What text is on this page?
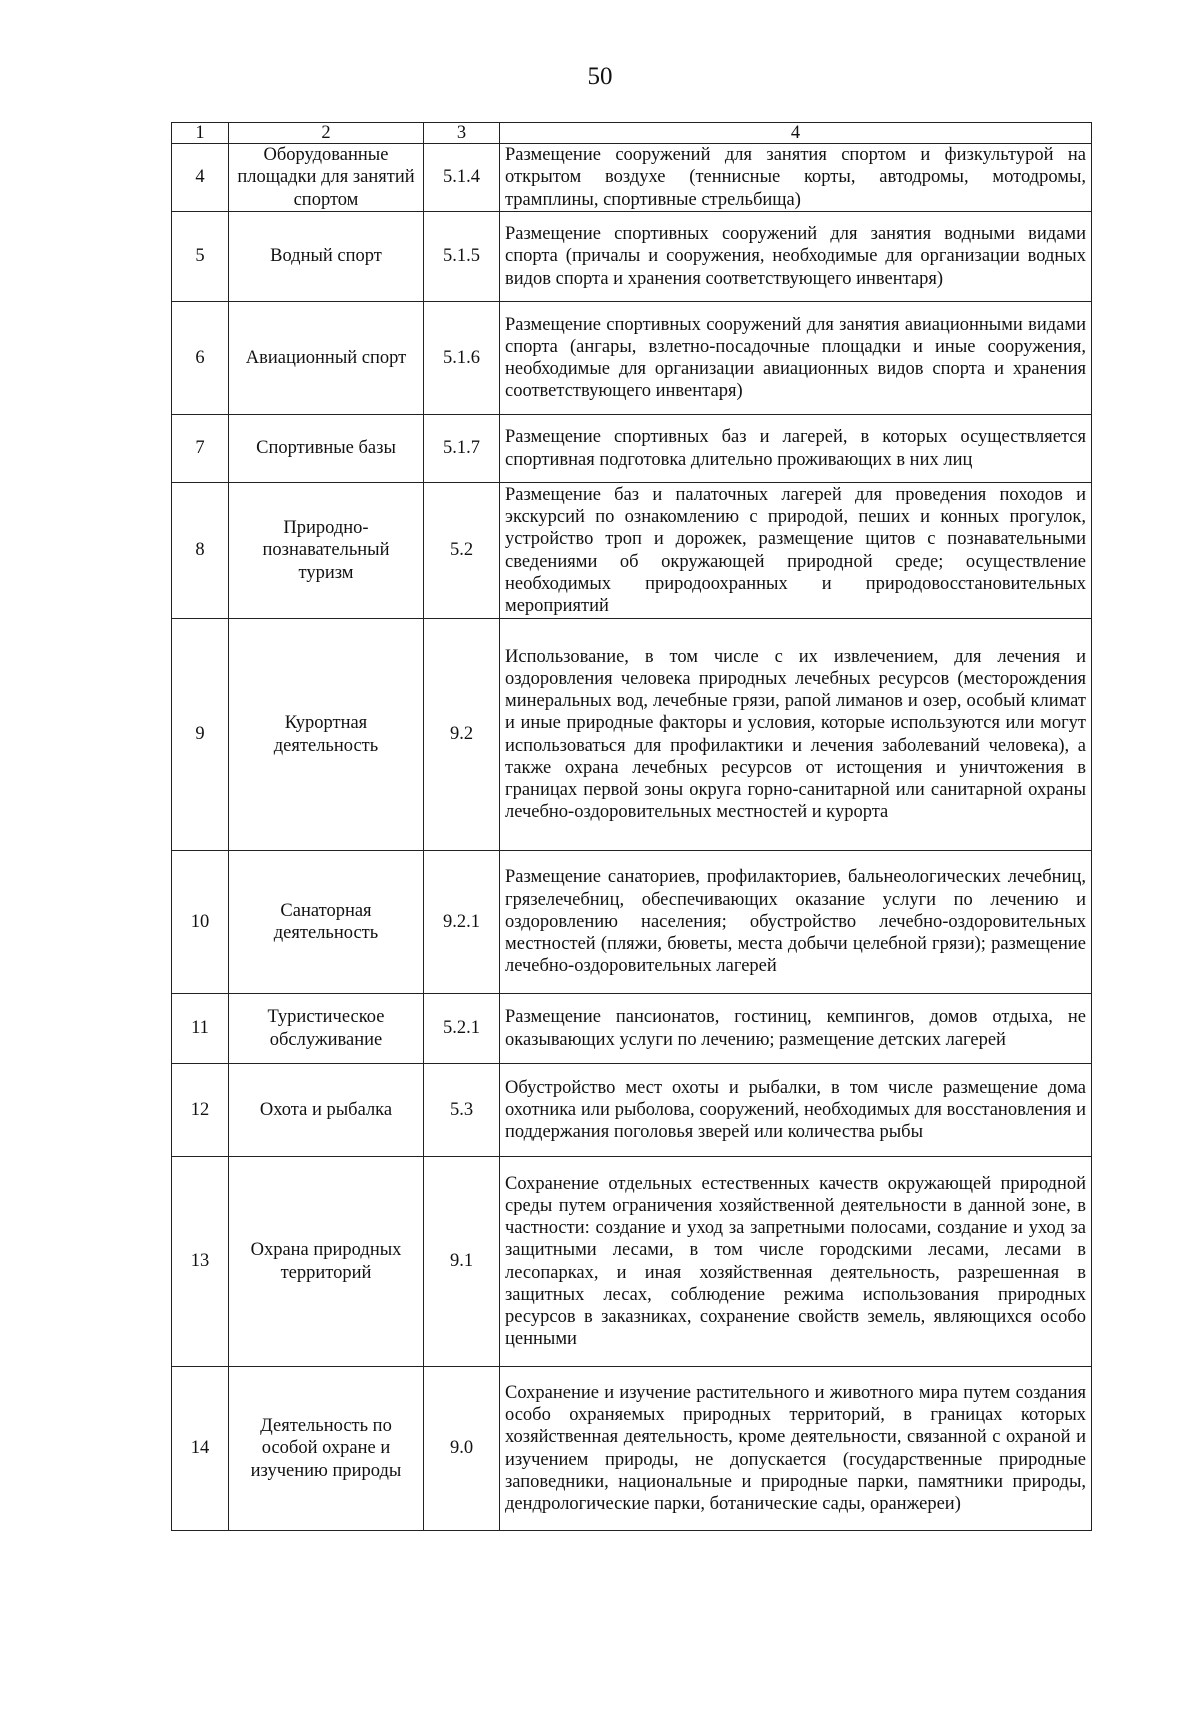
50
1	2	3	4
4	Оборудованные площадки для занятий спортом	5.1.4	Размещение сооружений для занятия спортом и физкультурой на открытом воздухе (теннисные корты, автодромы, мотодромы, трамплины, спортивные стрельбища)
5	Водный спорт	5.1.5	Размещение спортивных сооружений для занятия водными видами спорта (причалы и сооружения, необходимые для организации водных видов спорта и хранения соответствующего инвентаря)
6	Авиационный спорт	5.1.6	Размещение спортивных сооружений для занятия авиационными видами спорта (ангары, взлетно-посадочные площадки и иные сооружения, необходимые для организации авиационных видов спорта и хранения соответствующего инвентаря)
7	Спортивные базы	5.1.7	Размещение спортивных баз и лагерей, в которых осуществляется спортивная подготовка длительно проживающих в них лиц
8	Природно-познавательный туризм	5.2	Размещение баз и палаточных лагерей для проведения походов и экскурсий по ознакомлению с природой, пеших и конных прогулок, устройство троп и дорожек, размещение щитов с познавательными сведениями об окружающей природной среде; осуществление необходимых природоохранных и природовосстановительных мероприятий
9	Курортная деятельность	9.2	Использование, в том числе с их извлечением, для лечения и оздоровления человека природных лечебных ресурсов (месторождения минеральных вод, лечебные грязи, рапой лиманов и озер, особый климат и иные природные факторы и условия, которые используются или могут использоваться для профилактики и лечения заболеваний человека), а также охрана лечебных ресурсов от истощения и уничтожения в границах первой зоны округа горно-санитарной или санитарной охраны лечебно-оздоровительных местностей и курорта
10	Санаторная деятельность	9.2.1	Размещение санаториев, профилакториев, бальнеологических лечебниц, грязелечебниц, обеспечивающих оказание услуги по лечению и оздоровлению населения; обустройство лечебно-оздоровительных местностей (пляжи, бюветы, места добычи целебной грязи); размещение лечебно-оздоровительных лагерей
11	Туристическое обслуживание	5.2.1	Размещение пансионатов, гостиниц, кемпингов, домов отдыха, не оказывающих услуги по лечению; размещение детских лагерей
12	Охота и рыбалка	5.3	Обустройство мест охоты и рыбалки, в том числе размещение дома охотника или рыболова, сооружений, необходимых для восстановления и поддержания поголовья зверей или количества рыбы
13	Охрана природных территорий	9.1	Сохранение отдельных естественных качеств окружающей природной среды путем ограничения хозяйственной деятельности в данной зоне, в частности: создание и уход за запретными полосами, создание и уход за защитными лесами, в том числе городскими лесами, лесами в лесопарках, и иная хозяйственная деятельность, разрешенная в защитных лесах, соблюдение режима использования природных ресурсов в заказниках, сохранение свойств земель, являющихся особо ценными
14	Деятельность по особой охране и изучению природы	9.0	Сохранение и изучение растительного и животного мира путем создания особо охраняемых природных территорий, в границах которых хозяйственная деятельность, кроме деятельности, связанной с охраной и изучением природы, не допускается (государственные природные заповедники, национальные и природные парки, памятники природы, дендрологические парки, ботанические сады, оранжереи)
